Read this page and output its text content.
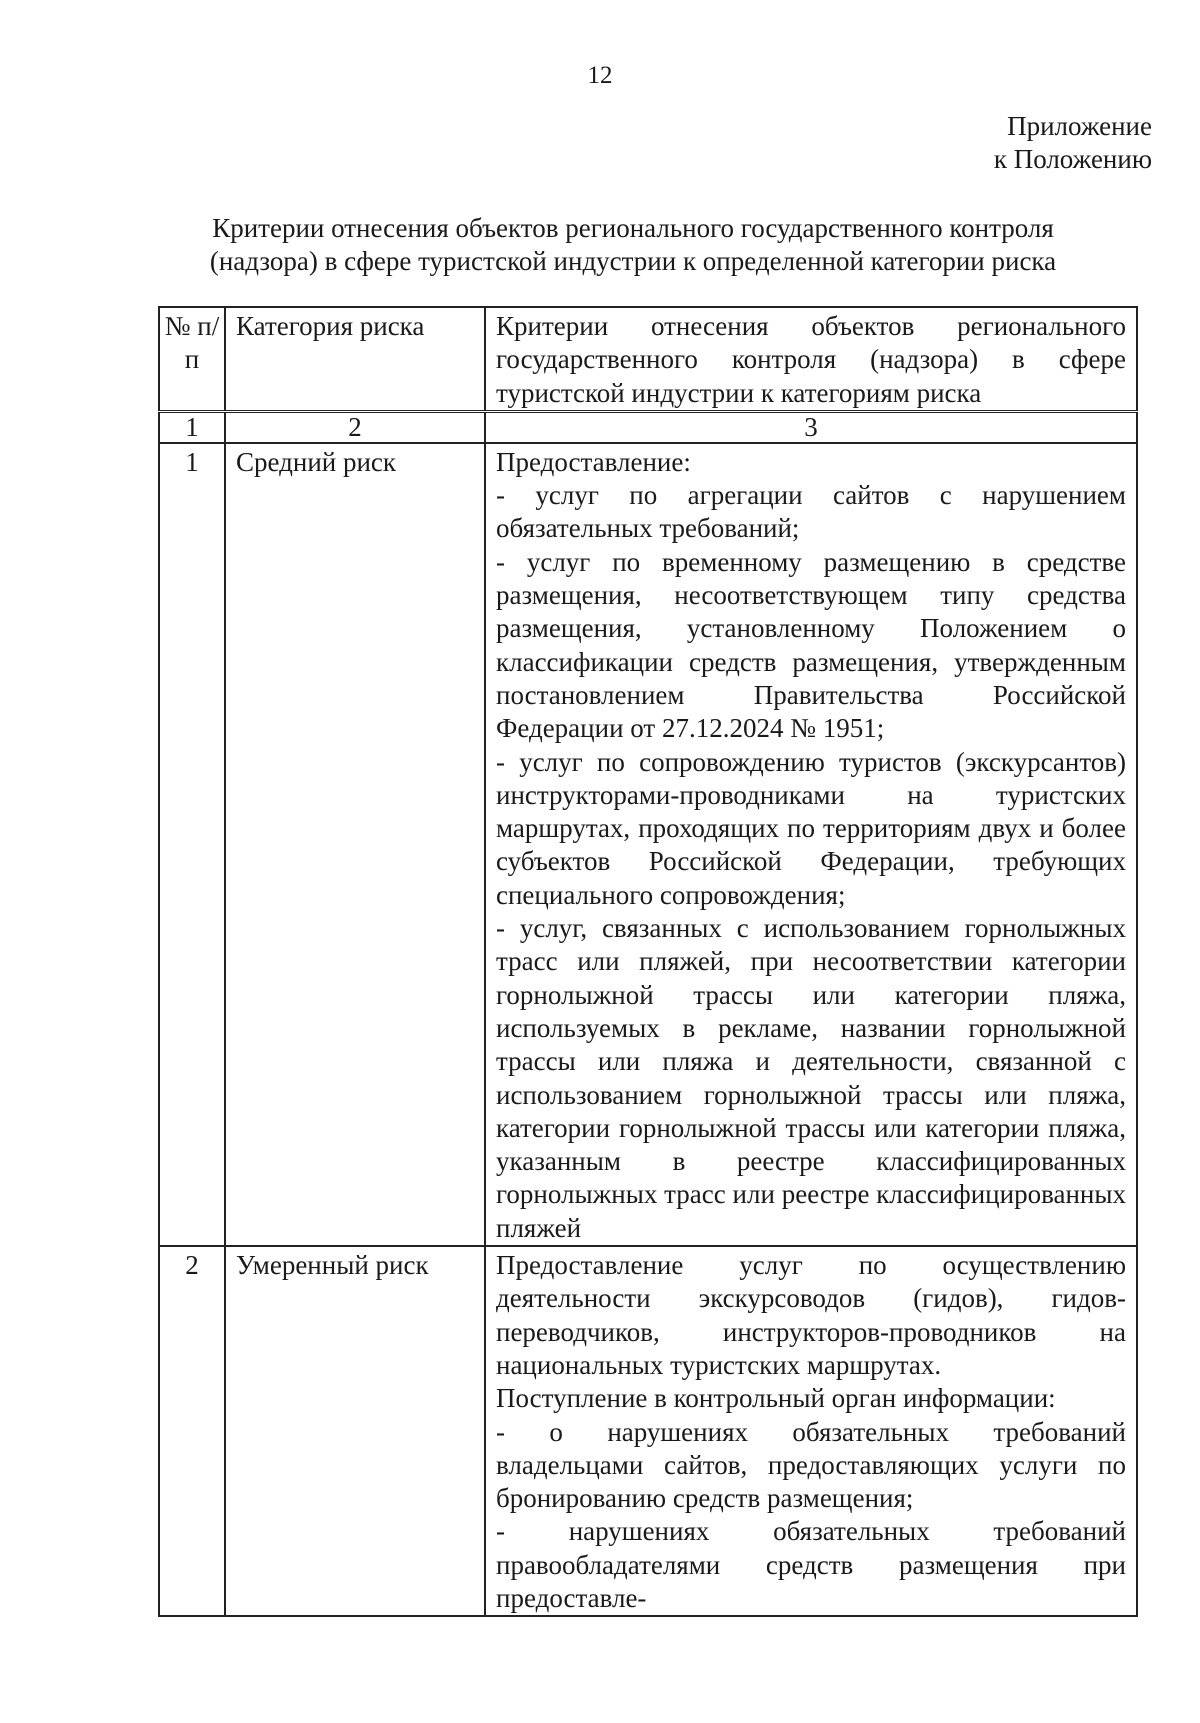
12
Приложение
к Положению
Критерии отнесения объектов регионального государственного контроля
(надзора) в сфере туристской индустрии к определенной категории риска
№ п/п	Категория риска	Критерии отнесения объектов регионального государственного контроля (надзора) в сфере туристской индустрии к категориям риска
1	2	3
1	Средний риск	Предоставление:

- услуг по агрегации сайтов с нарушением обязательных требований;

- услуг по временному размещению в средстве размещения, несоответствующем типу средства размещения, установленному Положением о классификации средств размещения, утвержденным постановлением Правительства Российской Федерации от 27.12.2024 № 1951;

- услуг по сопровождению туристов (экскурсантов) инструкторами-проводниками на туристских маршрутах, проходящих по территориям двух и более субъектов Российской Федерации, требующих специального сопровождения;

- услуг, связанных с использованием горнолыжных трасс или пляжей, при несоответствии категории горнолыжной трассы или категории пляжа, используемых в рекламе, названии горнолыжной трассы или пляжа и деятельности, связанной с использованием горнолыжной трассы или пляжа, категории горнолыжной трассы или категории пляжа, указанным в реестре классифицированных горнолыжных трасс или реестре классифицированных пляжей

2	Умеренный риск	Предоставление услуг по осуществлению деятельности экскурсоводов (гидов), гидов-переводчиков, инструкторов-проводников на национальных туристских маршрутах.

Поступление в контрольный орган информации:

- о нарушениях обязательных требований владельцами сайтов, предоставляющих услуги по бронированию средств размещения;

- нарушениях обязательных требований правообладателями средств размещения при предоставле-
